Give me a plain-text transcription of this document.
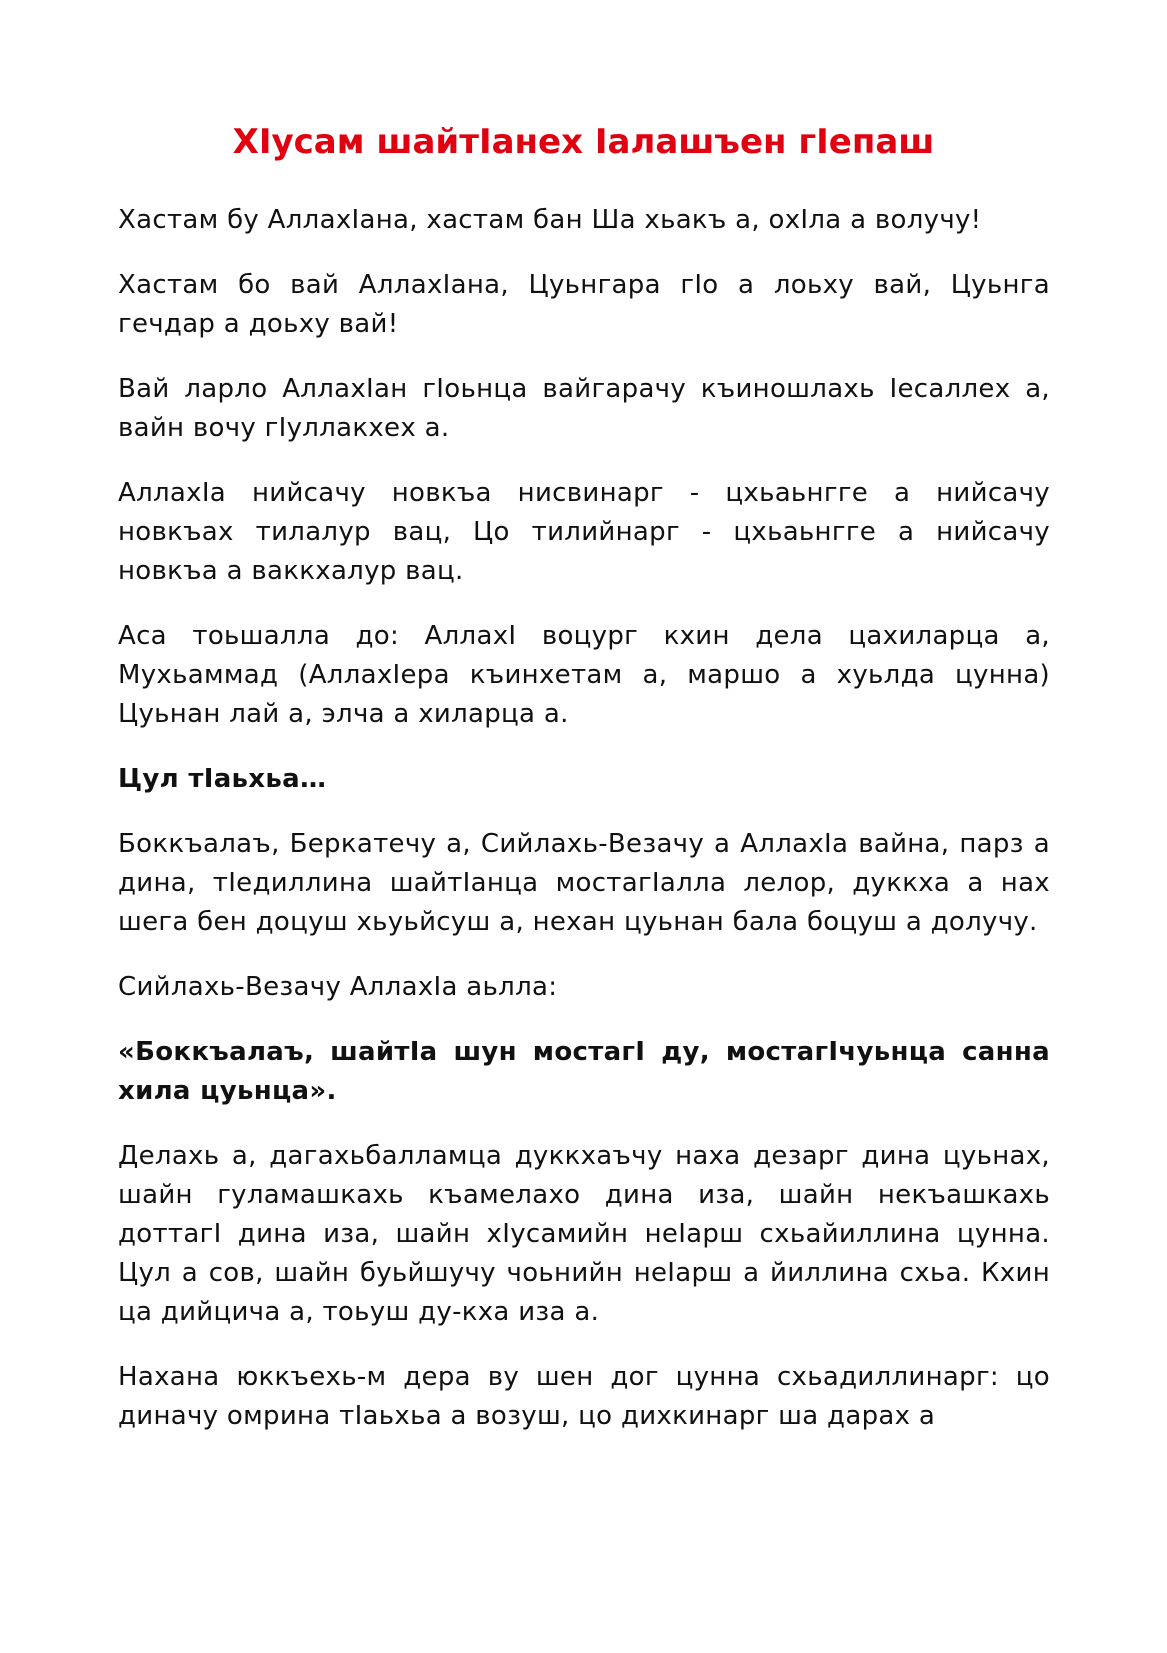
ХIусам шайтIанех Iалашъен гIепаш

Хастам бу АллахIана, хастам бан Ша хьакъ а, охIла а волучу!

Хастам бо вай АллахIана, Цуьнгара гIо а лоьху вай, Цуьнга гечдар а доьху вай!

Вай ларло АллахIан гIоьнца вайгарачу къиношлахь Iесаллех а, вайн вочу гIуллакхех а.

АллахIа нийсачу новкъа нисвинарг - цхьаьнгге а нийсачу новкъах тилалур вац, Цо тилийнарг - цхьаьнгге а нийсачу новкъа а ваккхалур вац.

Аса тоьшалла до: АллахI воцург кхин дела цахиларца а, Мухьаммад (АллахIера къинхетам а, маршо а хуьлда цунна) Цуьнан лай а, элча а хиларца а.

Цул тIаьхьа…

Боккъалаъ, Беркатечу а, Сийлахь-Везачу а АллахIа вайна, парз а дина, тIедиллина шайтIанца мостагIалла лелор, дуккха а нах шега бен доцуш хьуьйсуш а, нехан цуьнан бала боцуш а долучу.

Сийлахь-Везачу АллахIа аьлла:

«Боккъалаъ, шайтIа шун мостагI ду, мостагIчуьнца санна хила цуьнца».

Делахь а, дагахьбалламца дуккхаъчу наха дезарг дина цуьнах, шайн гуламашкахь къамелахо дина иза, шайн некъашкахь доттагI дина иза, шайн хIусамийн неIарш схьайиллина цунна. Цул а сов, шайн буьйшучу чоьнийн неIарш а йиллина схьа. Кхин ца дийцича а, тоьуш ду-кха иза а.

Нахана юккъехь-м дера ву шен дог цунна схьадиллинарг: цо диначу омрина тIаьхьа а возуш, цо дихкинарг ша дарах а
